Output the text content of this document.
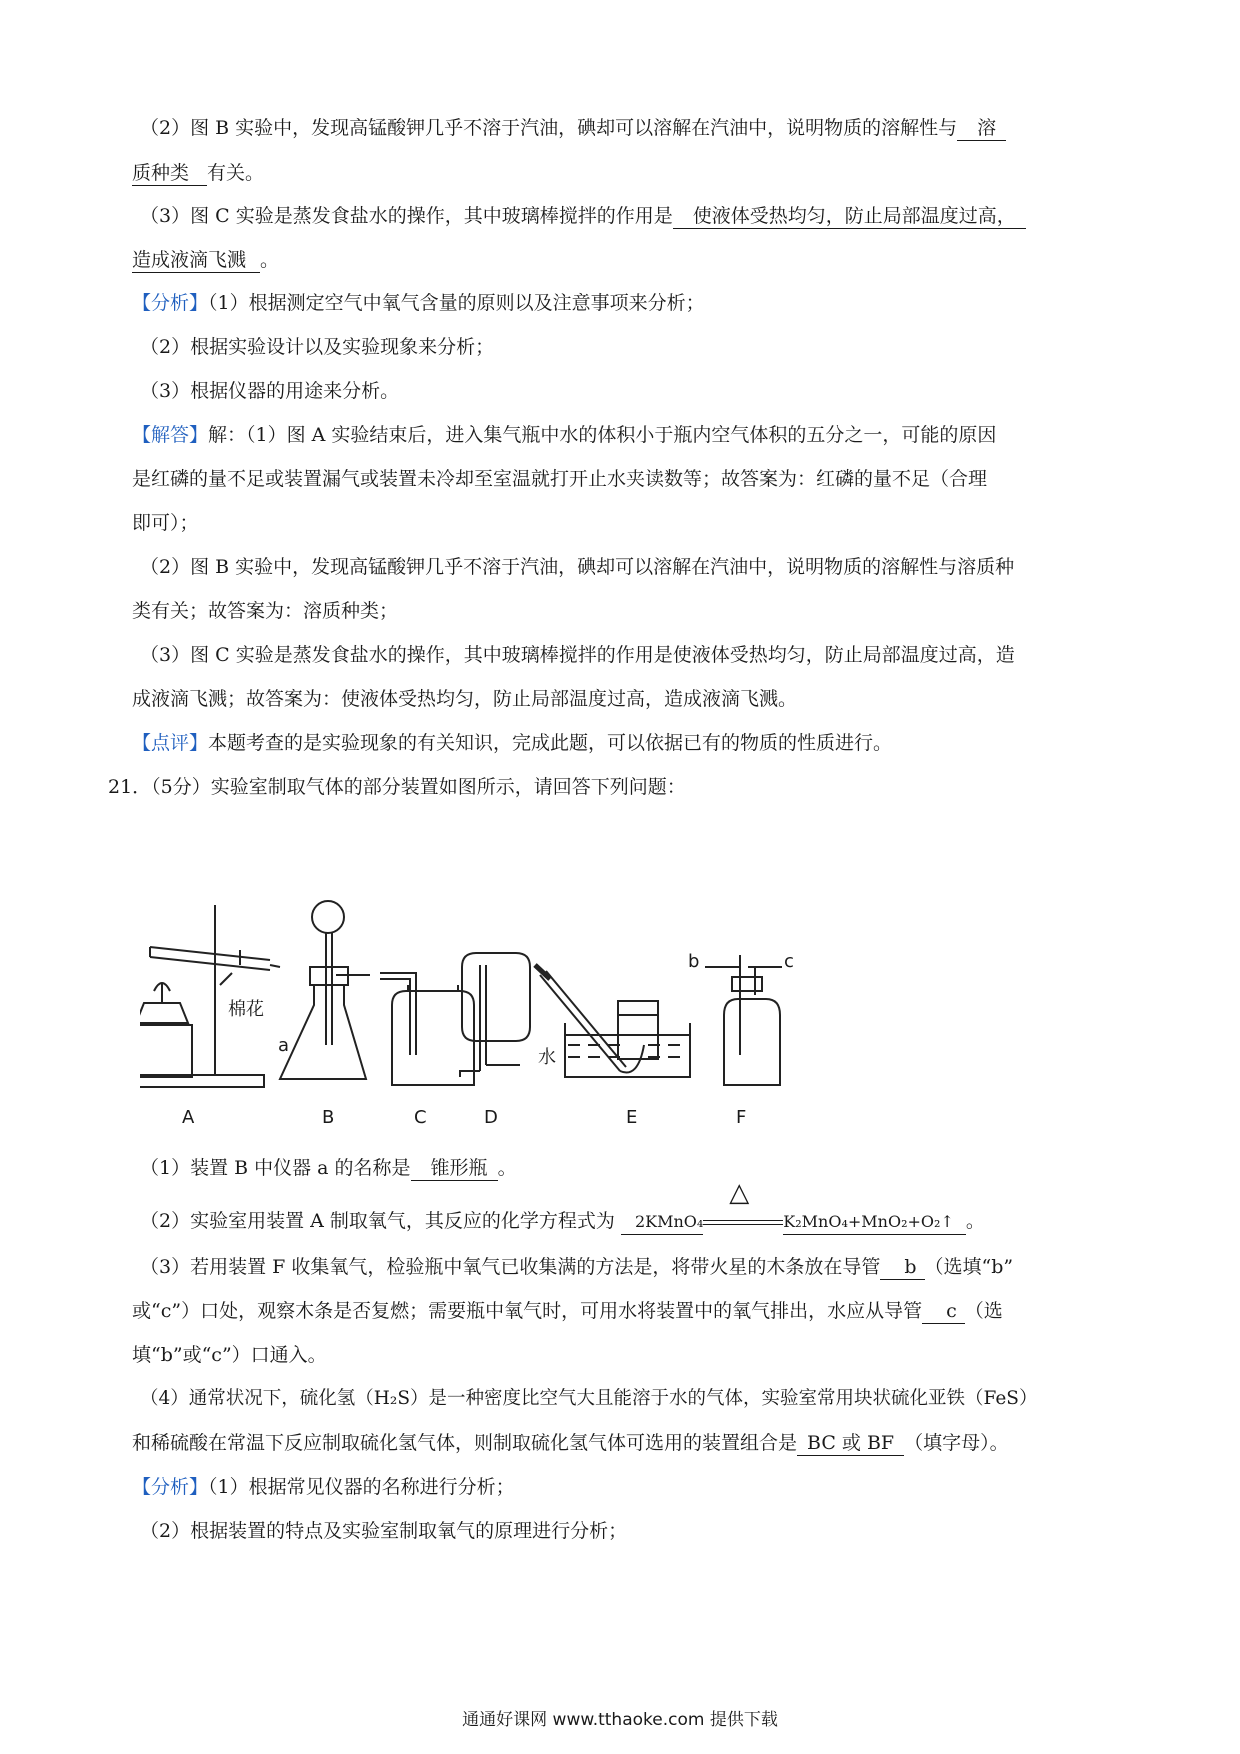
（2）图 B 实验中，发现高锰酸钾几乎不溶于汽油，碘却可以溶解在汽油中，说明物质的溶解性与 溶
质种类 有关。
（3）图 C 实验是蒸发食盐水的操作，其中玻璃棒搅拌的作用是 使液体受热均匀，防止局部温度过高，
造成液滴飞溅 。
【分析】（1）根据测定空气中氧气含量的原则以及注意事项来分析；
（2）根据实验设计以及实验现象来分析；
（3）根据仪器的用途来分析。
【解答】解：（1）图 A 实验结束后，进入集气瓶中水的体积小于瓶内空气体积的五分之一，可能的原因
是红磷的量不足或装置漏气或装置未冷却至室温就打开止水夹读数等；故答案为：红磷的量不足（合理
即可）；
（2）图 B 实验中，发现高锰酸钾几乎不溶于汽油，碘却可以溶解在汽油中，说明物质的溶解性与溶质种
类有关；故答案为：溶质种类；
（3）图 C 实验是蒸发食盐水的操作，其中玻璃棒搅拌的作用是使液体受热均匀，防止局部温度过高，造
成液滴飞溅；故答案为：使液体受热均匀，防止局部温度过高，造成液滴飞溅。
【点评】本题考查的是实验现象的有关知识，完成此题，可以依据已有的物质的性质进行。
21．（5分）实验室制取气体的部分装置如图所示，请回答下列问题：
棉花
a
水
b	c
A	B	C	D	E	F
（1）装置 B 中仪器 a 的名称是 锥形瓶 。
（2）实验室用装置 A 制取氧气，其反应的化学方程式为 2KMnO₄
△
K₂MnO₄+MnO₂+O₂↑ 。
（3）若用装置 F 收集氧气，检验瓶中氧气已收集满的方法是，将带火星的木条放在导管 b （选填“b”
或“c”）口处，观察木条是否复燃；需要瓶中氧气时，可用水将装置中的氧气排出，水应从导管 c （选
填“b”或“c”）口通入。
（4）通常状况下，硫化氢（H₂S）是一种密度比空气大且能溶于水的气体，实验室常用块状硫化亚铁（FeS）
和稀硫酸在常温下反应制取硫化氢气体，则制取硫化氢气体可选用的装置组合是 BC 或 BF （填字母）。
【分析】（1）根据常见仪器的名称进行分析；
（2）根据装置的特点及实验室制取氧气的原理进行分析；
通通好课网 www.tthaoke.com 提供下载
